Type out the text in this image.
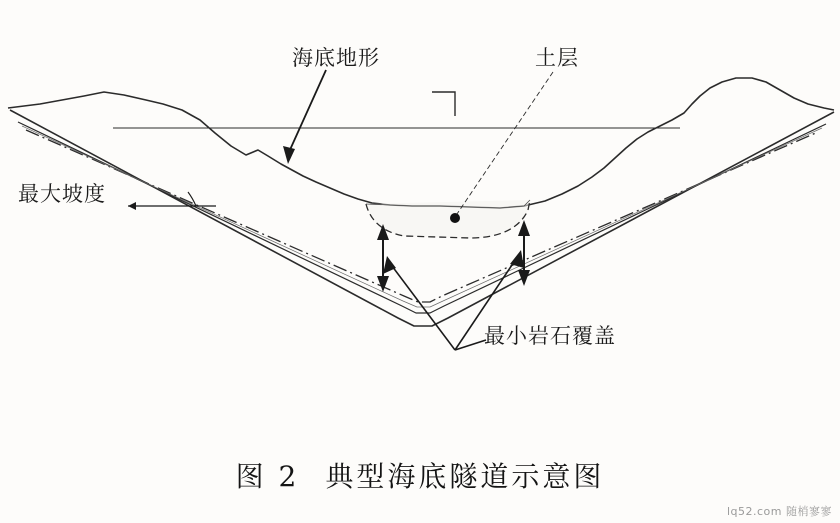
海底地形	土层
最大坡度
最小岩石覆盖
图 2 典型海底隧道示意图
lq52.com 随梢寥寥
